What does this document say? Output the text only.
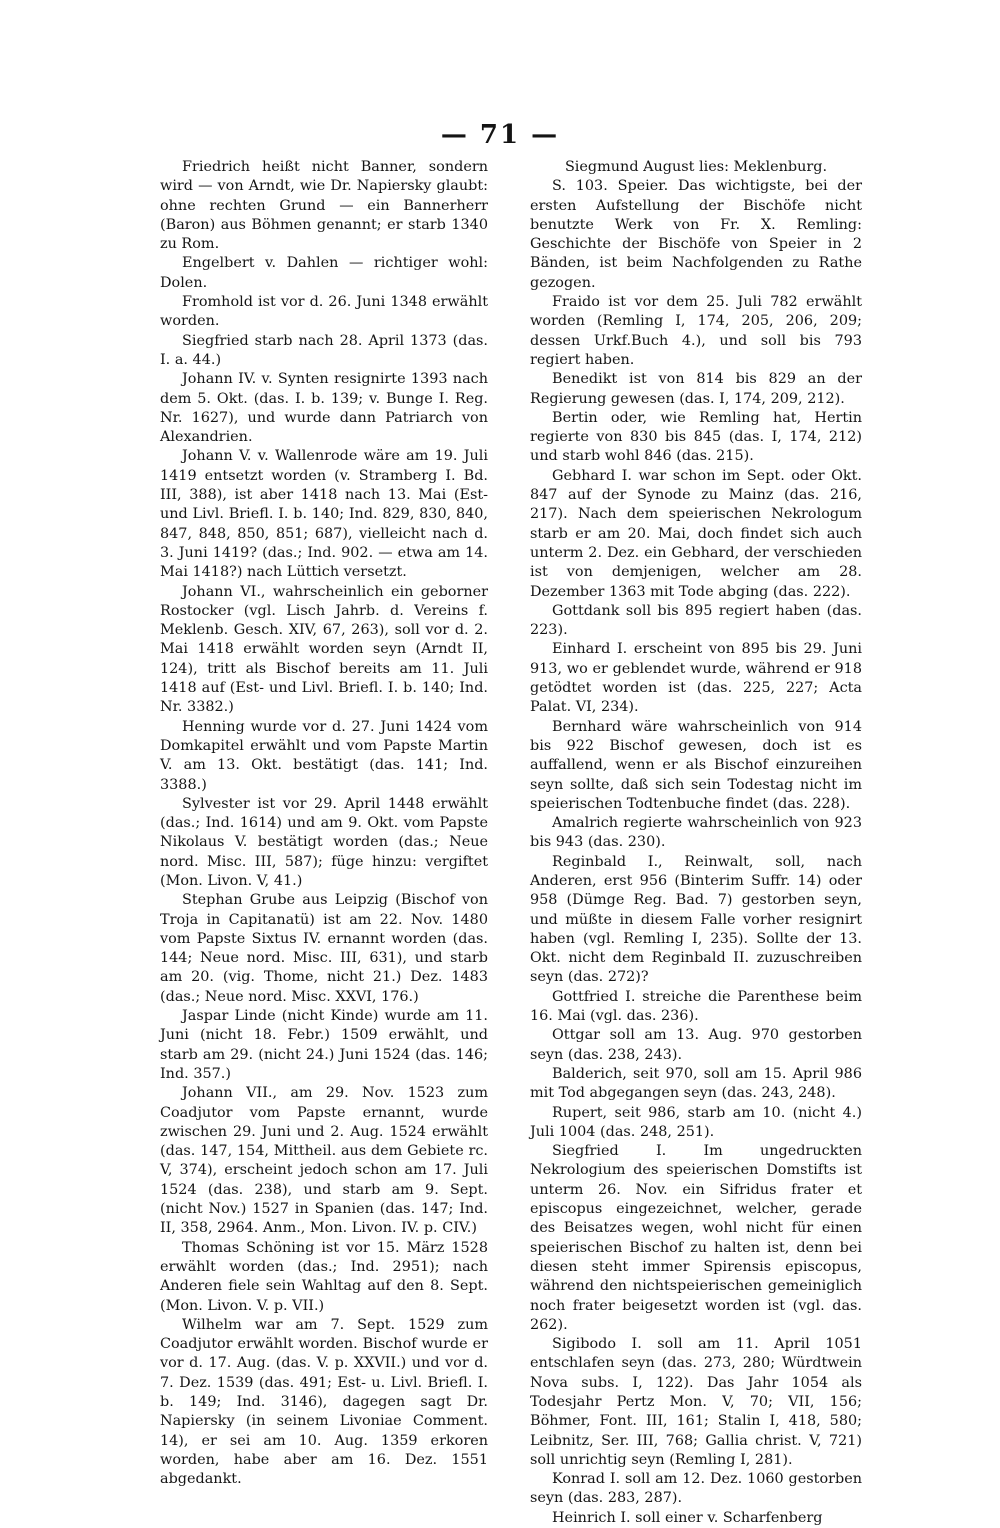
— 71 —

Friedrich heißt nicht Banner, sondern wird — von Arndt, wie Dr. Napiersky glaubt: ohne rechten Grund — ein Bannerherr (Baron) aus Böhmen genannt; er starb 1340 zu Rom.

Engelbert v. Dahlen — richtiger wohl: Dolen.

Fromhold ist vor d. 26. Juni 1348 erwählt worden.

Siegfried starb nach 28. April 1373 (das. I. a. 44.)

Johann IV. v. Synten resignirte 1393 nach dem 5. Okt. (das. I. b. 139; v. Bunge I. Reg. Nr. 1627), und wurde dann Patriarch von Alexandrien.

Johann V. v. Wallenrode wäre am 19. Juli 1419 entsetzt worden (v. Stramberg I. Bd. III, 388), ist aber 1418 nach 13. Mai (Est- und Livl. Briefl. I. b. 140; Ind. 829, 830, 840, 847, 848, 850, 851; 687), vielleicht nach d. 3. Juni 1419? (das.; Ind. 902. — etwa am 14. Mai 1418?) nach Lüttich versetzt.

Johann VI., wahrscheinlich ein geborner Rostocker (vgl. Lisch Jahrb. d. Vereins f. Meklenb. Gesch. XIV, 67, 263), soll vor d. 2. Mai 1418 erwählt worden seyn (Arndt II, 124), tritt als Bischof bereits am 11. Juli 1418 auf (Est- und Livl. Briefl. I. b. 140; Ind. Nr. 3382.)

Henning wurde vor d. 27. Juni 1424 vom Domkapitel erwählt und vom Papste Martin V. am 13. Okt. bestätigt (das. 141; Ind. 3388.)

Sylvester ist vor 29. April 1448 erwählt (das.; Ind. 1614) und am 9. Okt. vom Papste Nikolaus V. bestätigt worden (das.; Neue nord. Misc. III, 587); füge hinzu: vergiftet (Mon. Livon. V, 41.)

Stephan Grube aus Leipzig (Bischof von Troja in Capitanatü) ist am 22. Nov. 1480 vom Papste Sixtus IV. ernannt worden (das. 144; Neue nord. Misc. III, 631), und starb am 20. (vig. Thome, nicht 21.) Dez. 1483 (das.; Neue nord. Misc. XXVI, 176.)

Jaspar Linde (nicht Kinde) wurde am 11. Juni (nicht 18. Febr.) 1509 erwählt, und starb am 29. (nicht 24.) Juni 1524 (das. 146; Ind. 357.)

Johann VII., am 29. Nov. 1523 zum Coadjutor vom Papste ernannt, wurde zwischen 29. Juni und 2. Aug. 1524 erwählt (das. 147, 154, Mittheil. aus dem Gebiete rc. V, 374), erscheint jedoch schon am 17. Juli 1524 (das. 238), und starb am 9. Sept. (nicht Nov.) 1527 in Spanien (das. 147; Ind. II, 358, 2964. Anm., Mon. Livon. IV. p. CIV.)

Thomas Schöning ist vor 15. März 1528 erwählt worden (das.; Ind. 2951); nach Anderen fiele sein Wahltag auf den 8. Sept. (Mon. Livon. V. p. VII.)

Wilhelm war am 7. Sept. 1529 zum Coadjutor erwählt worden. Bischof wurde er vor d. 17. Aug. (das. V. p. XXVII.) und vor d. 7. Dez. 1539 (das. 491; Est- u. Livl. Briefl. I. b. 149; Ind. 3146), dagegen sagt Dr. Napiersky (in seinem Livoniae Comment. 14), er sei am 10. Aug. 1359 erkoren worden, habe aber am 16. Dez. 1551 abgedankt.

Siegmund August lies: Meklenburg.

S. 103. Speier. Das wichtigste, bei der ersten Aufstellung der Bischöfe nicht benutzte Werk von Fr. X. Remling: Geschichte der Bischöfe von Speier in 2 Bänden, ist beim Nachfolgenden zu Rathe gezogen.

Fraido ist vor dem 25. Juli 782 erwählt worden (Remling I, 174, 205, 206, 209; dessen Urkf.Buch 4.), und soll bis 793 regiert haben.

Benedikt ist von 814 bis 829 an der Regierung gewesen (das. I, 174, 209, 212).

Bertin oder, wie Remling hat, Hertin regierte von 830 bis 845 (das. I, 174, 212) und starb wohl 846 (das. 215).

Gebhard I. war schon im Sept. oder Okt. 847 auf der Synode zu Mainz (das. 216, 217). Nach dem speierischen Nekrologum starb er am 20. Mai, doch findet sich auch unterm 2. Dez. ein Gebhard, der verschieden ist von demjenigen, welcher am 28. Dezember 1363 mit Tode abging (das. 222).

Gottdank soll bis 895 regiert haben (das. 223).

Einhard I. erscheint von 895 bis 29. Juni 913, wo er geblendet wurde, während er 918 getödtet worden ist (das. 225, 227; Acta Palat. VI, 234).

Bernhard wäre wahrscheinlich von 914 bis 922 Bischof gewesen, doch ist es auffallend, wenn er als Bischof einzureihen seyn sollte, daß sich sein Todestag nicht im speierischen Todtenbuche findet (das. 228).

Amalrich regierte wahrscheinlich von 923 bis 943 (das. 230).

Reginbald I., Reinwalt, soll, nach Anderen, erst 956 (Binterim Suffr. 14) oder 958 (Dümge Reg. Bad. 7) gestorben seyn, und müßte in diesem Falle vorher resignirt haben (vgl. Remling I, 235). Sollte der 13. Okt. nicht dem Reginbald II. zuzuschreiben seyn (das. 272)?

Gottfried I. streiche die Parenthese beim 16. Mai (vgl. das. 236).

Ottgar soll am 13. Aug. 970 gestorben seyn (das. 238, 243).

Balderich, seit 970, soll am 15. April 986 mit Tod abgegangen seyn (das. 243, 248).

Rupert, seit 986, starb am 10. (nicht 4.) Juli 1004 (das. 248, 251).

Siegfried I. Im ungedruckten Nekrologium des speierischen Domstifts ist unterm 26. Nov. ein Sifridus frater et episcopus eingezeichnet, welcher, gerade des Beisatzes wegen, wohl nicht für einen speierischen Bischof zu halten ist, denn bei diesen steht immer Spirensis episcopus, während den nichtspeierischen gemeiniglich noch frater beigesetzt worden ist (vgl. das. 262).

Sigibodo I. soll am 11. April 1051 entschlafen seyn (das. 273, 280; Würdtwein Nova subs. I, 122). Das Jahr 1054 als Todesjahr Pertz Mon. V, 70; VII, 156; Böhmer, Font. III, 161; Stalin I, 418, 580; Leibnitz, Ser. III, 768; Gallia christ. V, 721) soll unrichtig seyn (Remling I, 281).

Konrad I. soll am 12. Dez. 1060 gestorben seyn (das. 283, 287).

Heinrich I. soll einer v. Scharfenberg
